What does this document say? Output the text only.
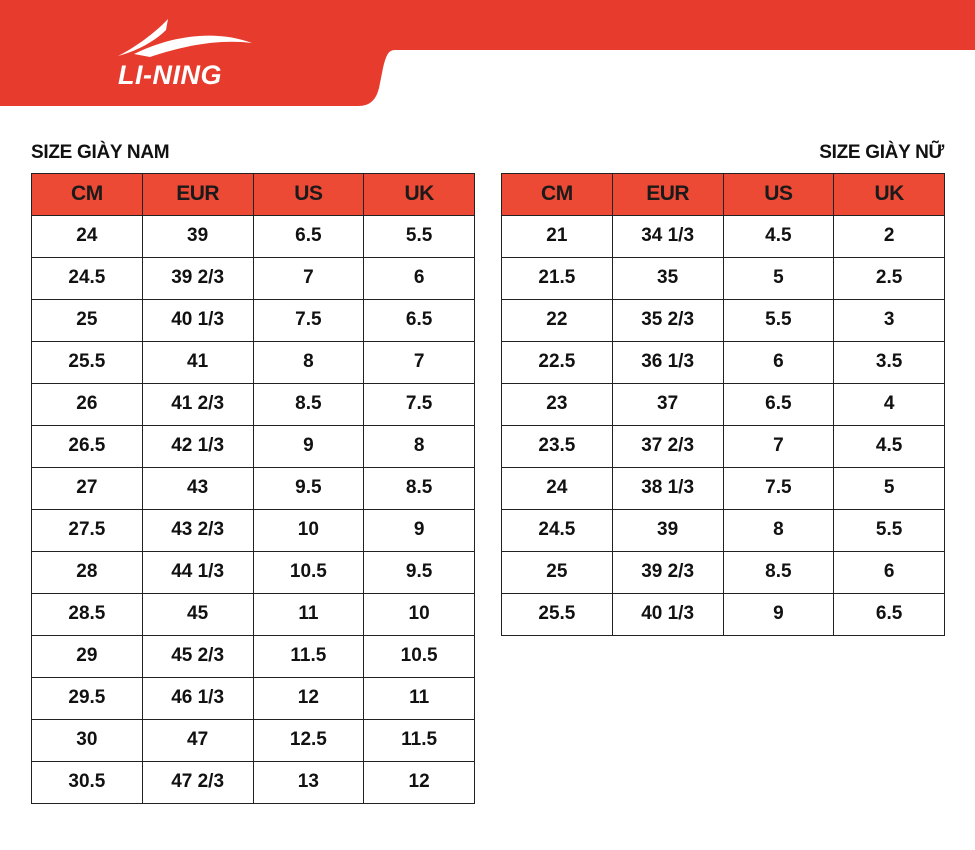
LI-NING
SIZE GIÀY NAM	SIZE GIÀY NỮ
CM	EUR	US	UK
24	39	6.5	5.5
24.5	39 2/3	7	6
25	40 1/3	7.5	6.5
25.5	41	8	7
26	41 2/3	8.5	7.5
26.5	42 1/3	9	8
27	43	9.5	8.5
27.5	43 2/3	10	9
28	44 1/3	10.5	9.5
28.5	45	11	10
29	45 2/3	11.5	10.5
29.5	46 1/3	12	11
30	47	12.5	11.5
30.5	47 2/3	13	12
CM	EUR	US	UK
21	34 1/3	4.5	2
21.5	35	5	2.5
22	35 2/3	5.5	3
22.5	36 1/3	6	3.5
23	37	6.5	4
23.5	37 2/3	7	4.5
24	38 1/3	7.5	5
24.5	39	8	5.5
25	39 2/3	8.5	6
25.5	40 1/3	9	6.5
